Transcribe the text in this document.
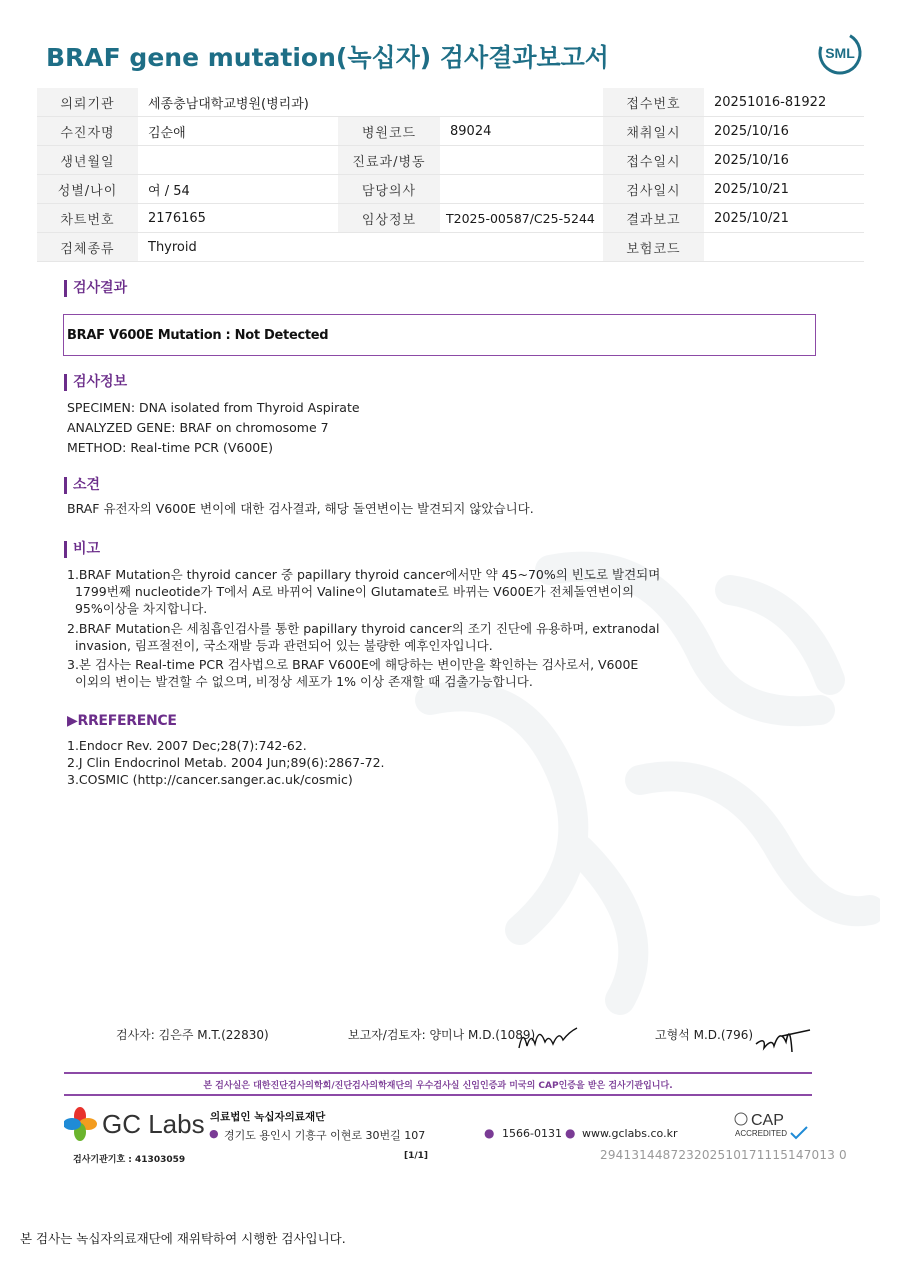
BRAF gene mutation(녹십자) 검사결과보고서	SML
의뢰기관	세종충남대학교병원(병리과)			접수번호	20251016-81922
수진자명	김순애	병원코드	89024	채취일시	2025/10/16
생년월일		진료과/병동		접수일시	2025/10/16
성별/나이	여 / 54	담당의사		검사일시	2025/10/21
차트번호	2176165	임상정보	T2025-00587/C25-5244	결과보고	2025/10/21
검체종류	Thyroid			보험코드	
검사결과
BRAF V600E Mutation : Not Detected
검사정보
SPECIMEN: DNA isolated from Thyroid Aspirate
ANALYZED GENE: BRAF on chromosome 7
METHOD: Real-time PCR (V600E)
소견
BRAF 유전자의 V600E 변이에 대한 검사결과, 해당 돌연변이는 발견되지 않았습니다.
비고
1.BRAF Mutation은 thyroid cancer 중 papillary thyroid cancer에서만 약 45~70%의 빈도로 발견되며
1799번째 nucleotide가 T에서 A로 바뀌어 Valine이 Glutamate로 바뀌는 V600E가 전체돌연변이의
95%이상을 차지합니다.
2.BRAF Mutation은 세침흡인검사를 통한 papillary thyroid cancer의 조기 진단에 유용하며, extranodal
invasion, 림프절전이, 국소재발 등과 관련되어 있는 불량한 예후인자입니다.
3.본 검사는 Real-time PCR 검사법으로 BRAF V600E에 해당하는 변이만을 확인하는 검사로서, V600E
이외의 변이는 발견할 수 없으며, 비정상 세포가 1% 이상 존재할 때 검출가능합니다.
▶RREFERENCE
1.Endocr Rev. 2007 Dec;28(7):742-62.
2.J Clin Endocrinol Metab. 2004 Jun;89(6):2867-72.
3.COSMIC (http://cancer.sanger.ac.uk/cosmic)
검사자: 김은주 M.T.(22830)	보고자/검토자: 양미나 M.D.(1089)	고형석 M.D.(796)
본 검사실은 대한진단검사의학회/진단검사의학재단의 우수검사실 신임인증과 미국의 CAP인증을 받은 검사기관입니다.
GC Labs 의료법인 녹십자의료재단
● 경기도 용인시 기흥구 이현로 30번길 107	● 1566-0131 ● www.gclabs.co.kr
CAP
ACCREDITED
검사기관기호 : 41303059	[1/1]	294131448723202510171115147013 0
본 검사는 녹십자의료재단에 재위탁하여 시행한 검사입니다.
